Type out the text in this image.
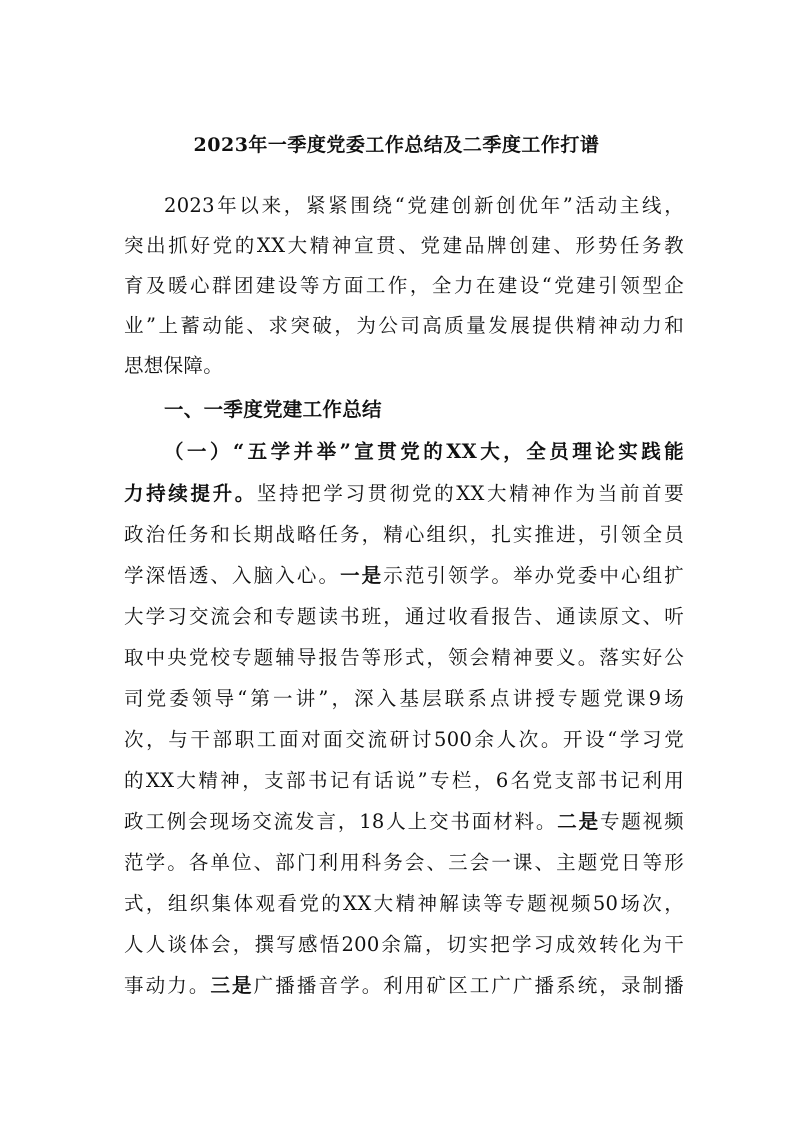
2023年一季度党委工作总结及二季度工作打谱
2023年以来，紧紧围绕“党建创新创优年”活动主线，
突出抓好党的XX大精神宣贯、党建品牌创建、形势任务教
育及暖心群团建设等方面工作，全力在建设“党建引领型企
业”上蓄动能、求突破，为公司高质量发展提供精神动力和
思想保障。
一、一季度党建工作总结
（一）“五学并举”宣贯党的XX大，全员理论实践能
力持续提升。坚持把学习贯彻党的XX大精神作为当前首要
政治任务和长期战略任务，精心组织，扎实推进，引领全员
学深悟透、入脑入心。一是示范引领学。举办党委中心组扩
大学习交流会和专题读书班，通过收看报告、通读原文、听
取中央党校专题辅导报告等形式，领会精神要义。落实好公
司党委领导“第一讲”，深入基层联系点讲授专题党课9场
次，与干部职工面对面交流研讨500余人次。开设“学习党
的XX大精神，支部书记有话说”专栏，6名党支部书记利用
政工例会现场交流发言，18人上交书面材料。二是专题视频
范学。各单位、部门利用科务会、三会一课、主题党日等形
式，组织集体观看党的XX大精神解读等专题视频50场次，
人人谈体会，撰写感悟200余篇，切实把学习成效转化为干
事动力。三是广播播音学。利用矿区工广广播系统，录制播
